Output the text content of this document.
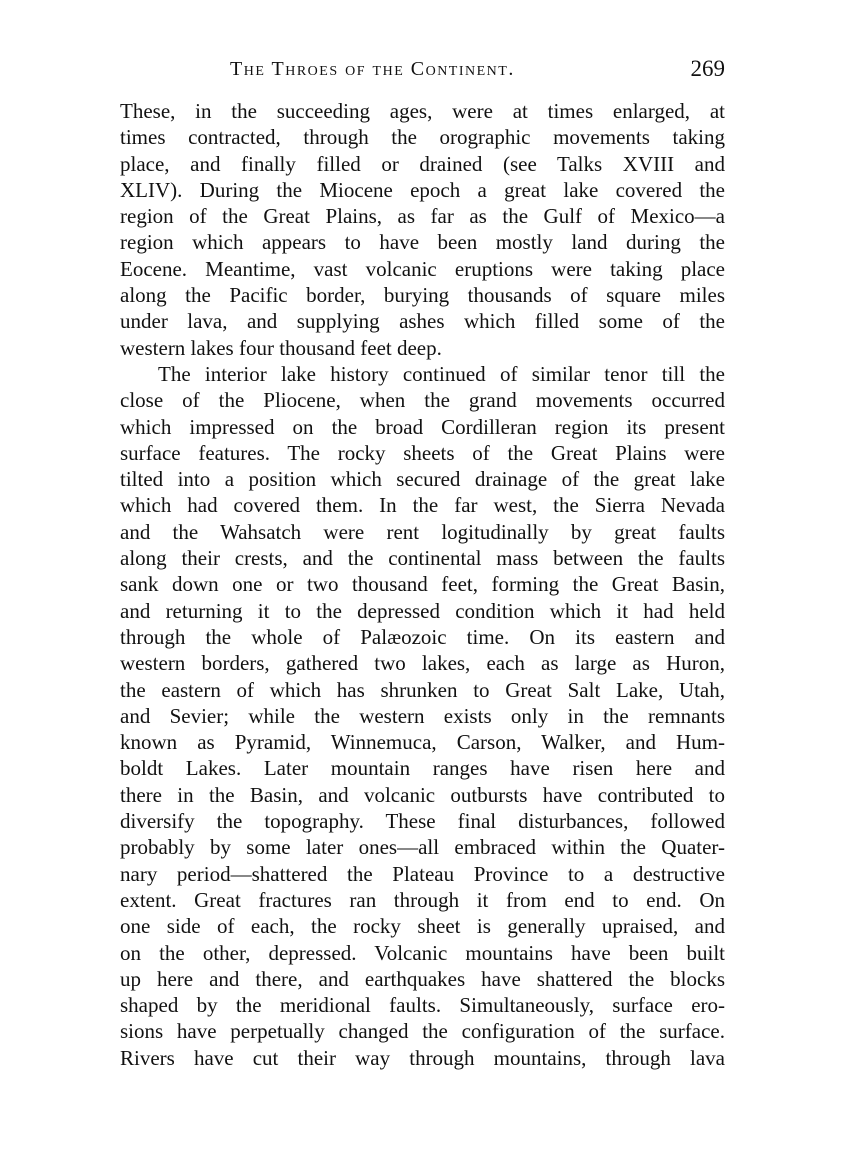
The Throes of the Continent.	269
These, in the succeeding ages, were at times enlarged, at
times contracted, through the orographic movements taking
place, and finally filled or drained (see Talks XVIII and
XLIV). During the Miocene epoch a great lake covered the
region of the Great Plains, as far as the Gulf of Mexico—a
region which appears to have been mostly land during the
Eocene. Meantime, vast volcanic eruptions were taking place
along the Pacific border, burying thousands of square miles
under lava, and supplying ashes which filled some of the
western lakes four thousand feet deep.
The interior lake history continued of similar tenor till the
close of the Pliocene, when the grand movements occurred
which impressed on the broad Cordilleran region its present
surface features. The rocky sheets of the Great Plains were
tilted into a position which secured drainage of the great lake
which had covered them. In the far west, the Sierra Nevada
and the Wahsatch were rent logitudinally by great faults
along their crests, and the continental mass between the faults
sank down one or two thousand feet, forming the Great Basin,
and returning it to the depressed condition which it had held
through the whole of Palæozoic time. On its eastern and
western borders, gathered two lakes, each as large as Huron,
the eastern of which has shrunken to Great Salt Lake, Utah,
and Sevier; while the western exists only in the remnants
known as Pyramid, Winnemuca, Carson, Walker, and Hum-
boldt Lakes. Later mountain ranges have risen here and
there in the Basin, and volcanic outbursts have contributed to
diversify the topography. These final disturbances, followed
probably by some later ones—all embraced within the Quater-
nary period—shattered the Plateau Province to a destructive
extent. Great fractures ran through it from end to end. On
one side of each, the rocky sheet is generally upraised, and
on the other, depressed. Volcanic mountains have been built
up here and there, and earthquakes have shattered the blocks
shaped by the meridional faults. Simultaneously, surface ero-
sions have perpetually changed the configuration of the surface.
Rivers have cut their way through mountains, through lava
